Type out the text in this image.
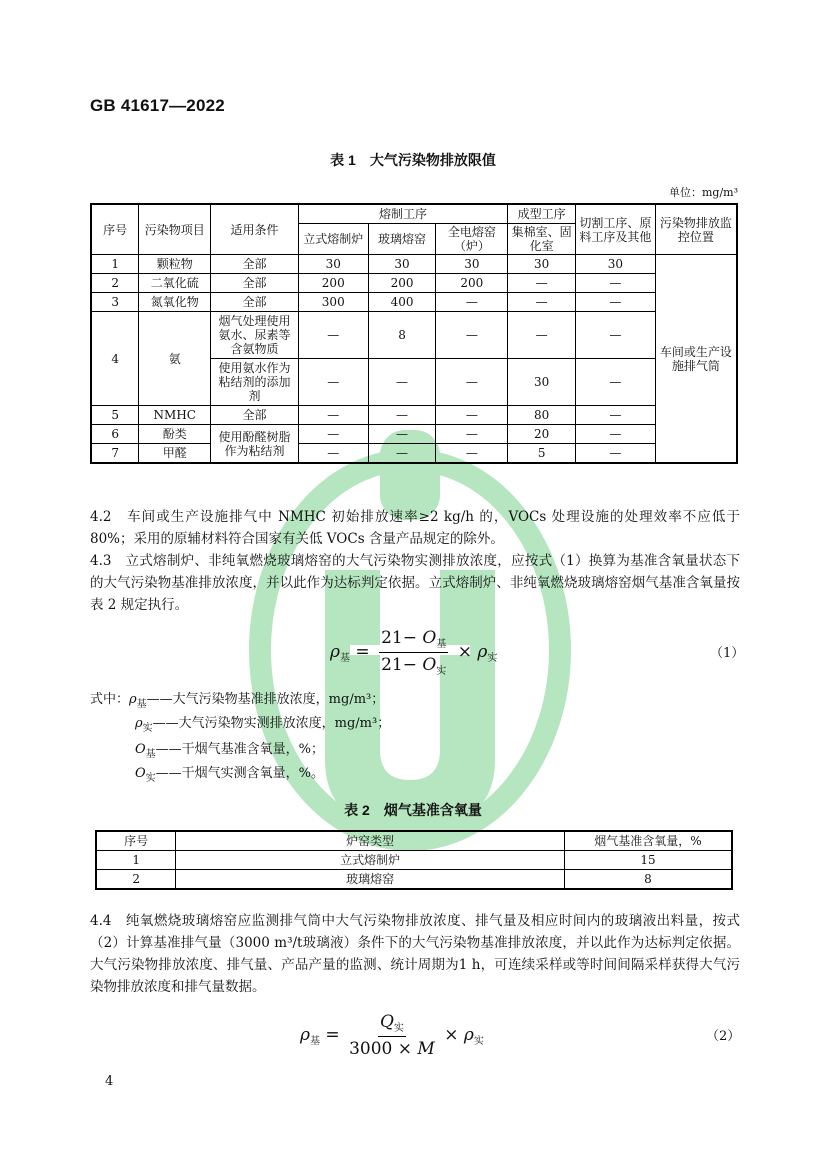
GB 41617—2022
表 1　大气污染物排放限值
单位：mg/m³
序号	污染物项目	适用条件	熔制工序			成型工序	切割工序、原料工序及其他	污染物排放监控位置
			立式熔制炉	玻璃熔窑	全电熔窑（炉）	集棉室、固化室		
1	颗粒物	全部	30	30	30	30	30	车间或生产设施排气筒
2	二氧化硫	全部	200	200	200	—	—	
3	氮氧化物	全部	300	400	—	—	—	
4	氨	烟气处理使用氨水、尿素等含氨物质	—	8	—	—	—	
		使用氨水作为粘结剂的添加剂	—	—	—	30	—	
5	NMHC	全部	—	—	—	80	—	
6	酚类	使用酚醛树脂作为粘结剂	—	—	—	20	—	
7	甲醛		—	—	—	5	—	
4.2　车间或生产设施排气中 NMHC 初始排放速率≥2 kg/h 的，VOCs 处理设施的处理效率不应低于 80%；采用的原辅材料符合国家有关低 VOCs 含量产品规定的除外。
4.3　立式熔制炉、非纯氧燃烧玻璃熔窑的大气污染物实测排放浓度，应按式（1）换算为基准含氧量状态下的大气污染物基准排放浓度，并以此作为达标判定依据。立式熔制炉、非纯氧燃烧玻璃熔窑烟气基准含氧量按表 2 规定执行。
$\rho_基 = \frac{21- O_基}{21- O_实} \times \rho_实$	（1）
式中：$\rho_基——$大气污染物基准排放浓度，mg/m³；
$\rho_实——$大气污染物实测排放浓度，mg/m³；
$O_基——$干烟气基准含氧量，%；
$O_实——$干烟气实测含氧量，%。
表 2　烟气基准含氧量
序号	炉窑类型	烟气基准含氧量，%
1	立式熔制炉	15
2	玻璃熔窑	8
4.4　纯氧燃烧玻璃熔窑应监测排气筒中大气污染物排放浓度、排气量及相应时间内的玻璃液出料量，按式（2）计算基准排气量（3000 m³/t玻璃液）条件下的大气污染物基准排放浓度，并以此作为达标判定依据。大气污染物排放浓度、排气量、产品产量的监测、统计周期为1 h，可连续采样或等时间间隔采样获得大气污染物排放浓度和排气量数据。
$\rho_基 = \frac{Q_实}{3000 \times M} \times \rho_实$	（2）
4
